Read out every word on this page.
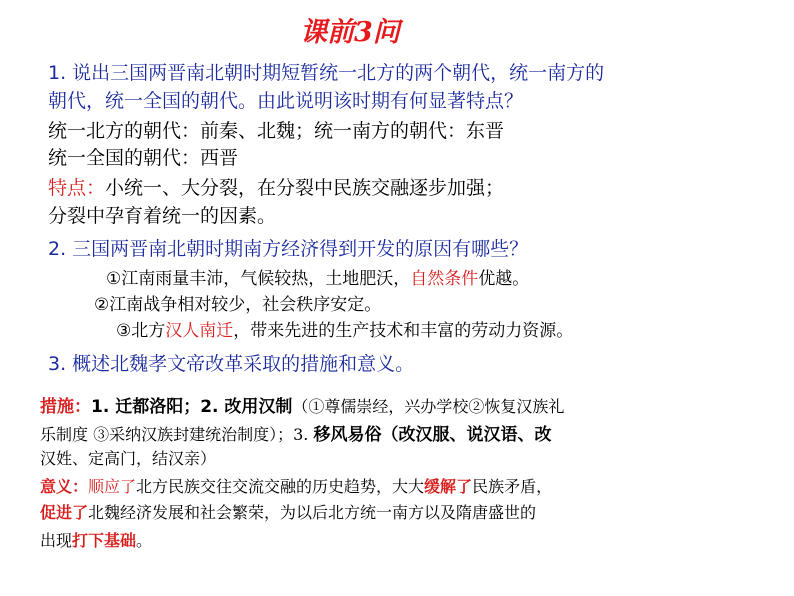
课前3问
1. 说出三国两晋南北朝时期短暂统一北方的两个朝代，统一南方的
朝代，统一全国的朝代。由此说明该时期有何显著特点？
统一北方的朝代：前秦、北魏；统一南方的朝代：东晋
统一全国的朝代：西晋
特点：小统一、大分裂，在分裂中民族交融逐步加强；
分裂中孕育着统一的因素。
2. 三国两晋南北朝时期南方经济得到开发的原因有哪些？
①江南雨量丰沛，气候较热，土地肥沃，自然条件优越。
②江南战争相对较少，社会秩序安定。
③北方汉人南迁，带来先进的生产技术和丰富的劳动力资源。
3. 概述北魏孝文帝改革采取的措施和意义。
措施：1. 迁都洛阳；2. 改用汉制（①尊儒崇经，兴办学校②恢复汉族礼
乐制度 ③采纳汉族封建统治制度）；3. 移风易俗（改汉服、说汉语、改
汉姓、定高门，结汉亲）
意义：顺应了北方民族交往交流交融的历史趋势，大大缓解了民族矛盾，
促进了北魏经济发展和社会繁荣，为以后北方统一南方以及隋唐盛世的
出现打下基础。
